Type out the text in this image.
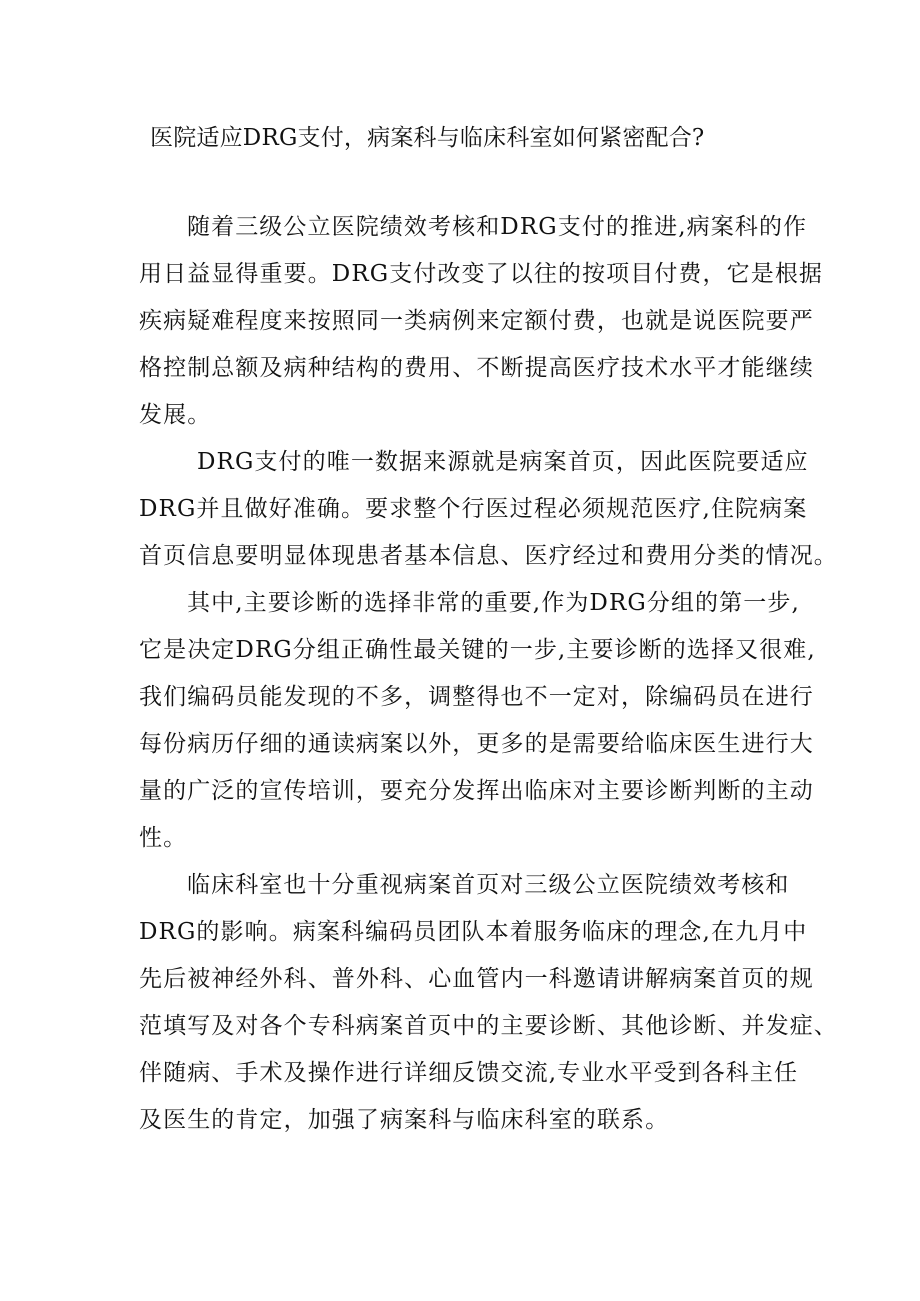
医院适应DRG支付，病案科与临床科室如何紧密配合?
随着三级公立医院绩效考核和DRG支付的推进,病案科的作
用日益显得重要。DRG支付改变了以往的按项目付费，它是根据
疾病疑难程度来按照同一类病例来定额付费，也就是说医院要严
格控制总额及病种结构的费用、不断提高医疗技术水平才能继续
发展。
DRG支付的唯一数据来源就是病案首页，因此医院要适应
DRG并且做好准确。要求整个行医过程必须规范医疗,住院病案
首页信息要明显体现患者基本信息、医疗经过和费用分类的情况。
其中,主要诊断的选择非常的重要,作为DRG分组的第一步,
它是决定DRG分组正确性最关键的一步,主要诊断的选择又很难,
我们编码员能发现的不多，调整得也不一定对，除编码员在进行
每份病历仔细的通读病案以外，更多的是需要给临床医生进行大
量的广泛的宣传培训，要充分发挥出临床对主要诊断判断的主动
性。
临床科室也十分重视病案首页对三级公立医院绩效考核和
DRG的影响。病案科编码员团队本着服务临床的理念,在九月中
先后被神经外科、普外科、心血管内一科邀请讲解病案首页的规
范填写及对各个专科病案首页中的主要诊断、其他诊断、并发症、
伴随病、手术及操作进行详细反馈交流,专业水平受到各科主任
及医生的肯定，加强了病案科与临床科室的联系。
